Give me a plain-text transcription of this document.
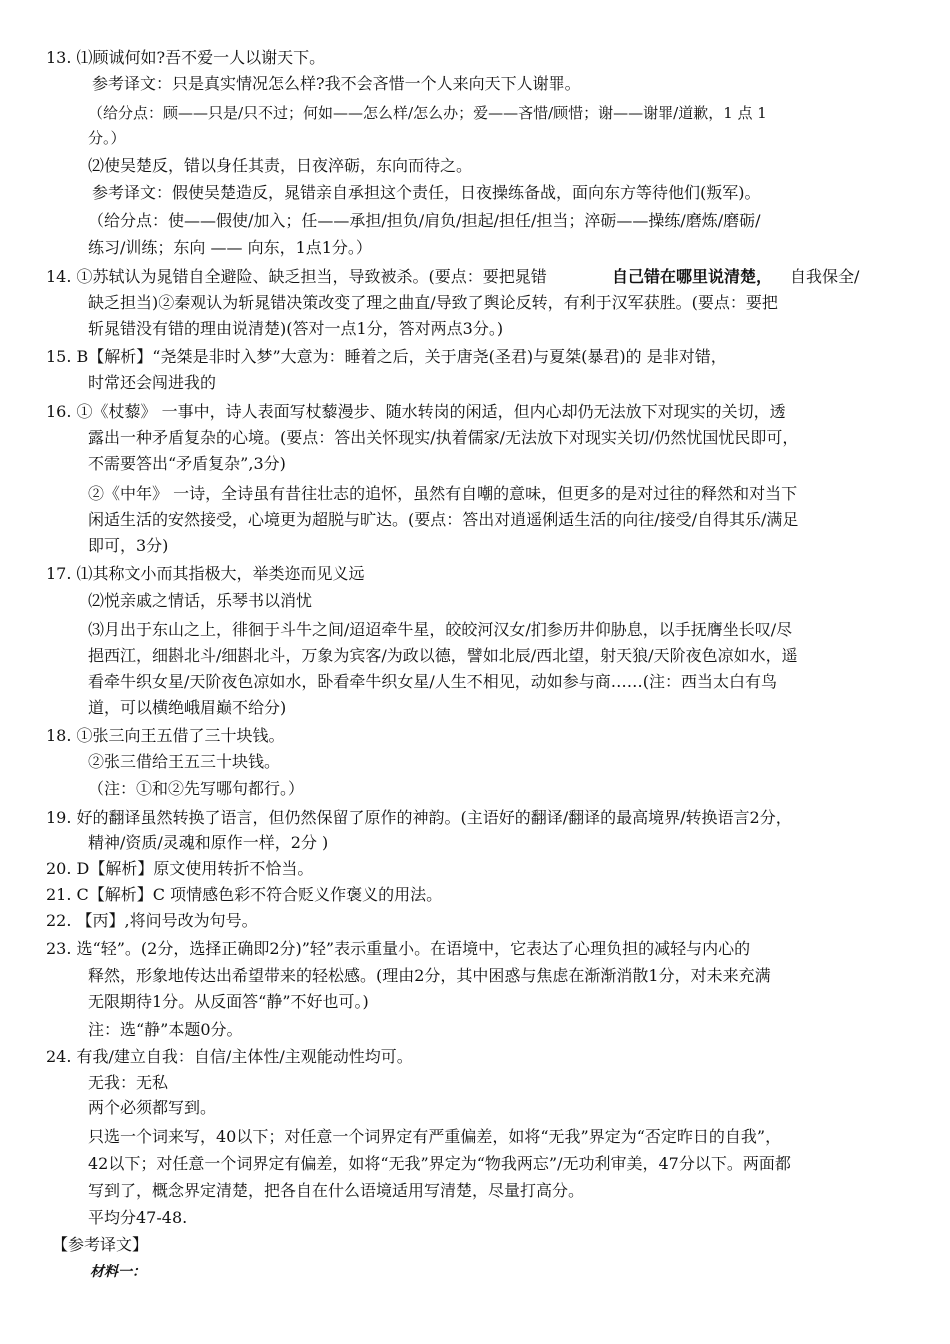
13. ⑴顾诚何如?吾不爱一人以谢天下。
参考译文：只是真实情况怎么样?我不会吝惜一个人来向天下人谢罪。
（给分点：顾——只是/只不过；何如——怎么样/怎么办；爱——吝惜/顾惜；谢——谢罪/道歉，1 点 1
分。）
⑵使吴楚反，错以身任其责，日夜淬砺，东向而待之。
参考译文：假使吴楚造反，晁错亲自承担这个责任，日夜操练备战，面向东方等待他们(叛军)。
（给分点：使——假使/加入；任——承担/担负/肩负/担起/担任/担当；淬砺——操练/磨炼/磨砺/
练习/训练；东向 —— 向东，1点1分。）
14. ①苏轼认为晁错自全避险、缺乏担当，导致被杀。(要点：要把晁错	自己错在哪里说清楚， 自我保全/
缺乏担当)②秦观认为斩晁错决策改变了理之曲直/导致了舆论反转，有利于汉军获胜。(要点：要把
斩晁错没有错的理由说清楚)(答对一点1分，答对两点3分。)
15. B【解析】“尧桀是非时入梦”大意为：睡着之后，关于唐尧(圣君)与夏桀(暴君)的 是非对错，
时常还会闯进我的
16. ①《杖藜》 一事中，诗人表面写杖藜漫步、随水转岗的闲适，但内心却仍无法放下对现实的关切，透
露出一种矛盾复杂的心境。(要点：答出关怀现实/执着儒家/无法放下对现实关切/仍然忧国忧民即可，
不需要答出“矛盾复杂”,3分)
②《中年》 一诗，全诗虽有昔往壮志的追怀，虽然有自嘲的意味，但更多的是对过往的释然和对当下
闲适生活的安然接受，心境更为超脱与旷达。(要点：答出对逍遥俐适生活的向往/接受/自得其乐/满足
即可，3分)
17. ⑴其称文小而其指极大，举类迩而见义远
⑵悦亲戚之情话，乐琴书以消忧
⑶月出于东山之上，徘徊于斗牛之间/迢迢牵牛星，皎皎河汉女/扪参历井仰胁息，以手抚膺坐长叹/尽
挹西江，细斟北斗/细斟北斗，万象为宾客/为政以德，譬如北辰/西北望，射天狼/天阶夜色凉如水，遥
看牵牛织女星/天阶夜色凉如水，卧看牵牛织女星/人生不相见，动如参与商……(注：西当太白有鸟
道，可以横绝峨眉巅不给分)
18. ①张三向王五借了三十块钱。
②张三借给王五三十块钱。
（注：①和②先写哪句都行。）
19. 好的翻译虽然转换了语言，但仍然保留了原作的神韵。(主语好的翻译/翻译的最高境界/转换语言2分，
精神/资质/灵魂和原作一样，2分 )
20. D【解析】原文使用转折不恰当。
21. C【解析】C 项情感色彩不符合贬义作褒义的用法。
22. 【丙】,将问号改为句号。
23. 选“轻”。(2分，选择正确即2分)”轻”表示重量小。在语境中，它表达了心理负担的减轻与内心的
释然，形象地传达出希望带来的轻松感。(理由2分，其中困惑与焦虑在渐渐消散1分，对未来充满
无限期待1分。从反面答“静”不好也可。)
注：选“静”本题0分。
24. 有我/建立自我：自信/主体性/主观能动性均可。
无我：无私
两个必须都写到。
只选一个词来写，40以下；对任意一个词界定有严重偏差，如将“无我”界定为“否定昨日的自我”，
42以下；对任意一个词界定有偏差，如将“无我”界定为“物我两忘”/无功利审美，47分以下。两面都
写到了，概念界定清楚，把各自在什么语境适用写清楚，尽量打高分。
平均分47-48.
【参考译文】
材料一：
